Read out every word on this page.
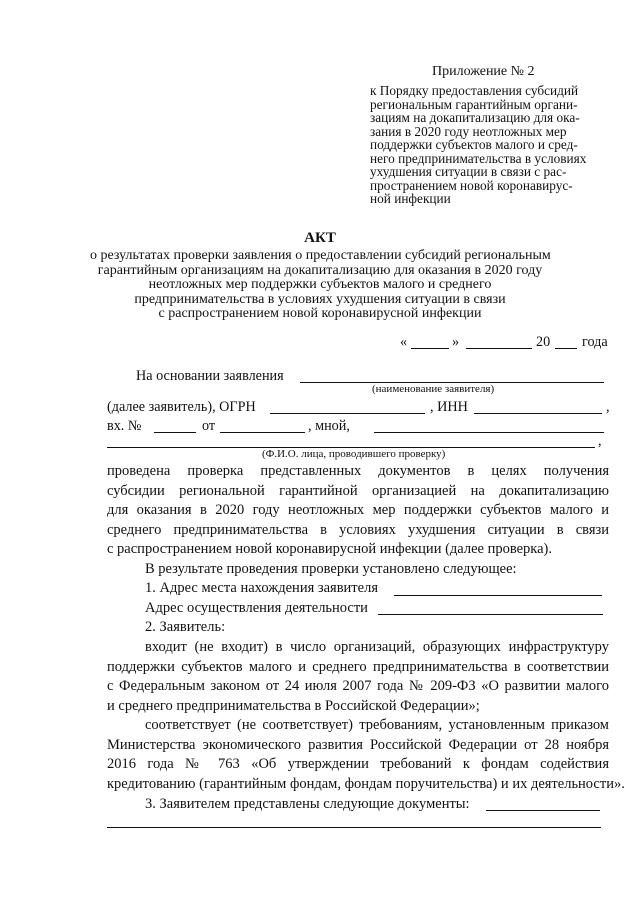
Приложение № 2
к Порядку предоставления субсидий
региональным гарантийным органи-
зациям на докапитализацию для ока-
зания в 2020 году неотложных мер
поддержки субъектов малого и сред-
него предпринимательства в условиях
ухудшения ситуации в связи с рас-
пространением новой коронавирус-
ной инфекции
АКТ
о результатах проверки заявления о предоставлении субсидий региональным
гарантийным организациям на докапитализацию для оказания в 2020 году
неотложных мер поддержки субъектов малого и среднего
предпринимательства в условиях ухудшения ситуации в связи
с распространением новой коронавирусной инфекции
«	»	20 года
На основании заявления
(наименование заявителя)
(далее заявитель), ОГРН	, ИНН	,
вх. №	от	, мной,
,
(Ф.И.О. лица, проводившего проверку)
проведена проверка представленных документов в целях получения
субсидии региональной гарантийной организацией на докапитализацию
для оказания в 2020 году неотложных мер поддержки субъектов малого и
среднего предпринимательства в условиях ухудшения ситуации в связи
с распространением новой коронавирусной инфекции (далее проверка).
В результате проведения проверки установлено следующее:
1. Адрес места нахождения заявителя
Адрес осуществления деятельности
2. Заявитель:
входит (не входит) в число организаций, образующих инфраструктуру
поддержки субъектов малого и среднего предпринимательства в соответствии
с Федеральным законом от 24 июля 2007 года № 209-ФЗ «О развитии малого
и среднего предпринимательства в Российской Федерации»;
соответствует (не соответствует) требованиям, установленным приказом
Министерства экономического развития Российской Федерации от 28 ноября
2016 года № 763 «Об утверждении требований к фондам содействия
кредитованию (гарантийным фондам, фондам поручительства) и их деятельности».
3. Заявителем представлены следующие документы:
